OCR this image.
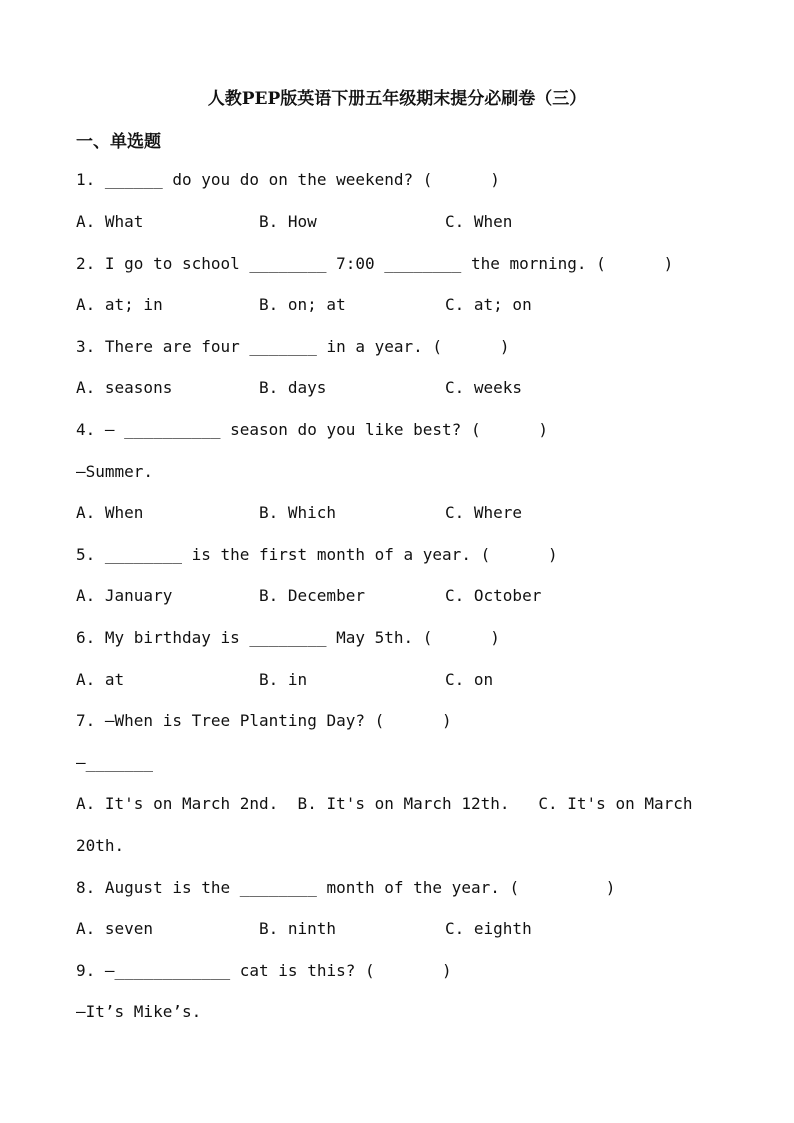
人教PEP版英语下册五年级期末提分必刷卷（三）
一、单选题
1. ______ do you do on the weekend? (      )
A. What	B. How	C. When
2. I go to school ________ 7:00 ________ the morning. (      )
A. at; in	B. on; at	C. at; on
3. There are four _______ in a year. (      )
A. seasons	B. days	C. weeks
4. — __________ season do you like best? (      )
—Summer.
A. When	B. Which	C. Where
5. ________ is the first month of a year. (      )
A. January	B. December	C. October
6. My birthday is ________ May 5th. (      )
A. at	B. in	C. on
7. —When is Tree Planting Day? (      )
—_______
A. It's on March 2nd.  B. It's on March 12th.   C. It's on March
20th.
8. August is the ________ month of the year. (         )
A. seven	B. ninth	C. eighth
9. —____________ cat is this? (       )
—It’s Mike’s.
